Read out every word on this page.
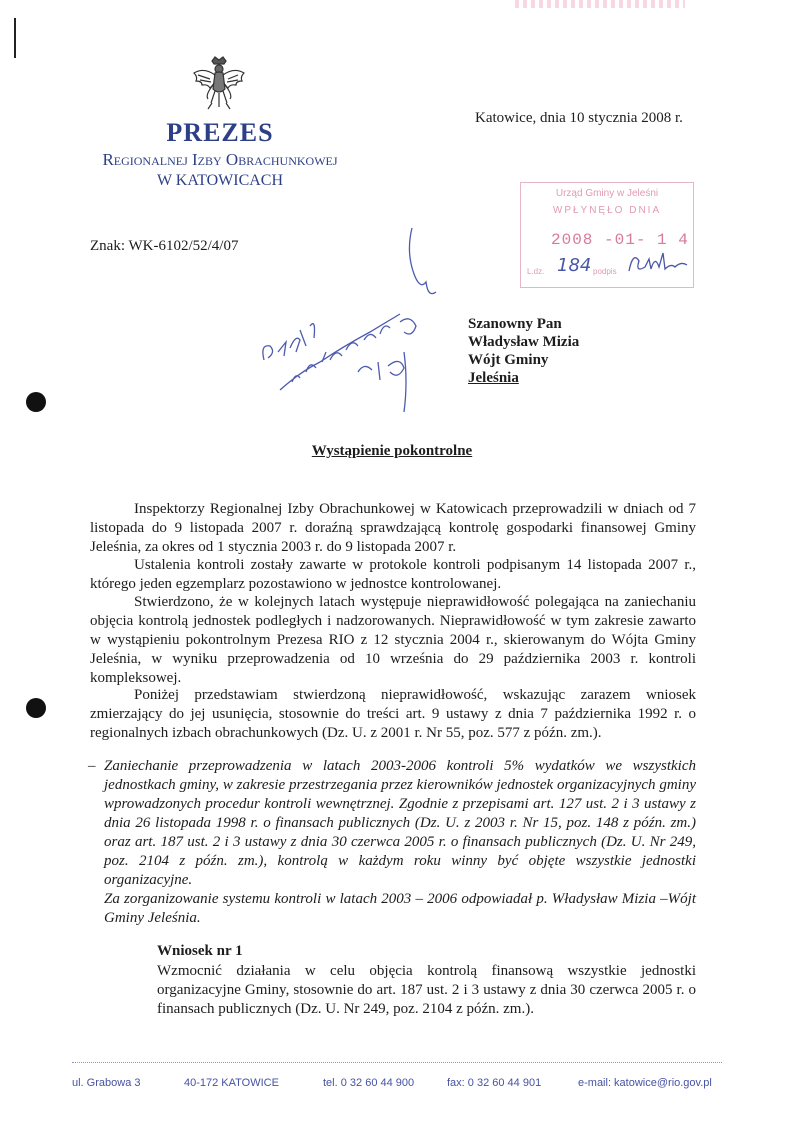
PREZES
Regionalnej Izby Obrachunkowej
W KATOWICACH
Katowice, dnia 10 stycznia 2008 r.
Znak: WK-6102/52/4/07
Urząd Gminy w Jeleśni
WPŁYNĘŁO DNIA
2008 -01- 1 4
L.dz. 184 podpis
Szanowny Pan
Władysław Mizia
Wójt Gminy
Jeleśnia
Wystąpienie pokontrolne
Inspektorzy Regionalnej Izby Obrachunkowej w Katowicach przeprowadzili w dniach od 7 listopada do 9 listopada 2007 r. doraźną sprawdzającą kontrolę gospodarki finansowej Gminy Jeleśnia, za okres od 1 stycznia 2003 r. do 9 listopada 2007 r.
Ustalenia kontroli zostały zawarte w protokole kontroli podpisanym 14 listopada 2007 r., którego jeden egzemplarz pozostawiono w jednostce kontrolowanej.
Stwierdzono, że w kolejnych latach występuje nieprawidłowość polegająca na zaniechaniu objęcia kontrolą jednostek podległych i nadzorowanych. Nieprawidłowość w tym zakresie zawarto w wystąpieniu pokontrolnym Prezesa RIO z 12 stycznia 2004 r., skierowanym do Wójta Gminy Jeleśnia, w wyniku przeprowadzenia od 10 września do 29 października 2003 r. kontroli kompleksowej.
Poniżej przedstawiam stwierdzoną nieprawidłowość, wskazując zarazem wniosek zmierzający do jej usunięcia, stosownie do treści art. 9 ustawy z dnia 7 października 1992 r. o regionalnych izbach obrachunkowych (Dz. U. z 2001 r. Nr 55, poz. 577 z późn. zm.).
– Zaniechanie przeprowadzenia w latach 2003-2006 kontroli 5% wydatków we wszystkich jednostkach gminy, w zakresie przestrzegania przez kierowników jednostek organizacyjnych gminy wprowadzonych procedur kontroli wewnętrznej. Zgodnie z przepisami art. 127 ust. 2 i 3 ustawy z dnia 26 listopada 1998 r. o finansach publicznych (Dz. U. z 2003 r. Nr 15, poz. 148 z późn. zm.) oraz art. 187 ust. 2 i 3 ustawy z dnia 30 czerwca 2005 r. o finansach publicznych (Dz. U. Nr 249, poz. 2104 z późn. zm.), kontrolą w każdym roku winny być objęte wszystkie jednostki organizacyjne.
Za zorganizowanie systemu kontroli w latach 2003 – 2006 odpowiadał p. Władysław Mizia –Wójt Gminy Jeleśnia.
Wniosek nr 1
Wzmocnić działania w celu objęcia kontrolą finansową wszystkie jednostki organizacyjne Gminy, stosownie do art. 187 ust. 2 i 3 ustawy z dnia 30 czerwca 2005 r. o finansach publicznych (Dz. U. Nr 249, poz. 2104 z późn. zm.).
ul. Grabowa 3	40-172 KATOWICE	tel. 0 32 60 44 900	fax: 0 32 60 44 901	e-mail: katowice@rio.gov.pl
